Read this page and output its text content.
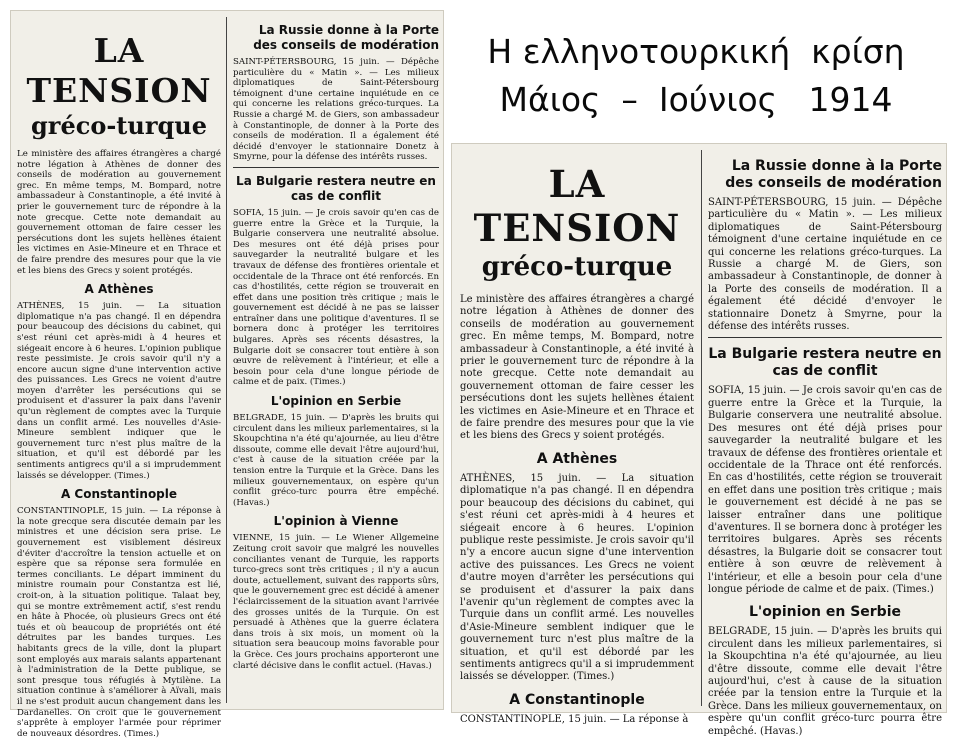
Η ελληνοτουρκική  κρίση
Μάιος  –  Ιούνιος   1914
LA TENSION
gréco-turque

Le ministère des affaires étrangères a chargé notre légation à Athènes de donner des conseils de modération au gouvernement grec. En même temps, M. Bompard, notre ambassadeur à Constantinople, a été invité à prier le gouvernement turc de répondre à la note grecque. Cette note demandait au gouvernement ottoman de faire cesser les persécutions dont les sujets hellènes étaient les victimes en Asie-Mineure et en Thrace et de faire prendre des mesures pour que la vie et les biens des Grecs y soient protégés.

A Athènes

ATHÈNES, 15 juin. — La situation diplomatique n'a pas changé. Il en dépendra pour beaucoup des décisions du cabinet, qui s'est réuni cet après-midi à 4 heures et siégeait encore à 6 heures. L'opinion publique reste pessimiste. Je crois savoir qu'il n'y a encore aucun signe d'une intervention active des puissances. Les Grecs ne voient d'autre moyen d'arrêter les persécutions qui se produisent et d'assurer la paix dans l'avenir qu'un règlement de comptes avec la Turquie dans un conflit armé. Les nouvelles d'Asie-Mineure semblent indiquer que le gouvernement turc n'est plus maître de la situation, et qu'il est débordé par les sentiments antigrecs qu'il a si imprudemment laissés se développer. (Times.)

A Constantinople

CONSTANTINOPLE, 15 juin. — La réponse à la note grecque sera discutée demain par les ministres et une décision sera prise. Le gouvernement est visiblement désireux d'éviter d'accroître la tension actuelle et on espère que sa réponse sera formulée en termes conciliants. Le départ imminent du ministre roumain pour Constantza est lié, croit-on, à la situation politique. Talaat bey, qui se montre extrêmement actif, s'est rendu en hâte à Phocée, où plusieurs Grecs ont été tués et où beaucoup de propriétés ont été détruites par les bandes turques. Les habitants grecs de la ville, dont la plupart sont employés aux marais salants appartenant à l'administration de la Dette publique, se sont presque tous réfugiés à Mytilène. La situation continue à s'améliorer à Aïvali, mais il ne s'est produit aucun changement dans les Dardanelles. On croit que le gouvernement s'apprête à employer l'armée pour réprimer de nouveaux désordres. (Times.)

La Russie donne à la Porte des conseils de modération

SAINT-PÉTERSBOURG, 15 juin. — Dépêche particulière du « Matin ». — Les milieux diplomatiques de Saint-Pétersbourg témoignent d'une certaine inquiétude en ce qui concerne les relations gréco-turques. La Russie a chargé M. de Giers, son ambassadeur à Constantinople, de donner à la Porte des conseils de modération. Il a également été décidé d'envoyer le stationnaire Donetz à Smyrne, pour la défense des intérêts russes.

La Bulgarie restera neutre en cas de conflit

SOFIA, 15 juin. — Je crois savoir qu'en cas de guerre entre la Grèce et la Turquie, la Bulgarie conservera une neutralité absolue. Des mesures ont été déjà prises pour sauvegarder la neutralité bulgare et les travaux de défense des frontières orientale et occidentale de la Thrace ont été renforcés. En cas d'hostilités, cette région se trouverait en effet dans une position très critique ; mais le gouvernement est décidé à ne pas se laisser entraîner dans une politique d'aventures. Il se bornera donc à protéger les territoires bulgares. Après ses récents désastres, la Bulgarie doit se consacrer tout entière à son œuvre de relèvement à l'intérieur, et elle a besoin pour cela d'une longue période de calme et de paix. (Times.)

L'opinion en Serbie

BELGRADE, 15 juin. — D'après les bruits qui circulent dans les milieux parlementaires, si la Skoupchtina n'a été qu'ajournée, au lieu d'être dissoute, comme elle devait l'être aujourd'hui, c'est à cause de la situation créée par la tension entre la Turquie et la Grèce. Dans les milieux gouvernementaux, on espère qu'un conflit gréco-turc pourra être empêché. (Havas.)

L'opinion à Vienne

VIENNE, 15 juin. — Le Wiener Allgemeine Zeitung croit savoir que malgré les nouvelles conciliantes venant de Turquie, les rapports turco-grecs sont très critiques ; il n'y a aucun doute, actuellement, suivant des rapports sûrs, que le gouvernement grec est décidé à amener l'éclaircissement de la situation avant l'arrivée des grosses unités de la Turquie. On est persuadé à Athènes que la guerre éclatera dans trois à six mois, un moment où la situation sera beaucoup moins favorable pour la Grèce. Ces jours prochains apporteront une clarté décisive dans le conflit actuel. (Havas.)

LA TENSION
gréco-turque

Le ministère des affaires étrangères a chargé notre légation à Athènes de donner des conseils de modération au gouvernement grec. En même temps, M. Bompard, notre ambassadeur à Constantinople, a été invité à prier le gouvernement turc de répondre à la note grecque. Cette note demandait au gouvernement ottoman de faire cesser les persécutions dont les sujets hellènes étaient les victimes en Asie-Mineure et en Thrace et de faire prendre des mesures pour que la vie et les biens des Grecs y soient protégés.

A Athènes

ATHÈNES, 15 juin. — La situation diplomatique n'a pas changé. Il en dépendra pour beaucoup des décisions du cabinet, qui s'est réuni cet après-midi à 4 heures et siégeait encore à 6 heures. L'opinion publique reste pessimiste. Je crois savoir qu'il n'y a encore aucun signe d'une intervention active des puissances. Les Grecs ne voient d'autre moyen d'arrêter les persécutions qui se produisent et d'assurer la paix dans l'avenir qu'un règlement de comptes avec la Turquie dans un conflit armé. Les nouvelles d'Asie-Mineure semblent indiquer que le gouvernement turc n'est plus maître de la situation, et qu'il est débordé par les sentiments antigrecs qu'il a si imprudemment laissés se développer. (Times.)

A Constantinople

CONSTANTINOPLE, 15 juin. — La réponse à

La Russie donne à la Porte des conseils de modération

SAINT-PÉTERSBOURG, 15 juin. — Dépêche particulière du « Matin ». — Les milieux diplomatiques de Saint-Pétersbourg témoignent d'une certaine inquiétude en ce qui concerne les relations gréco-turques. La Russie a chargé M. de Giers, son ambassadeur à Constantinople, de donner à la Porte des conseils de modération. Il a également été décidé d'envoyer le stationnaire Donetz à Smyrne, pour la défense des intérêts russes.

La Bulgarie restera neutre en cas de conflit

SOFIA, 15 juin. — Je crois savoir qu'en cas de guerre entre la Grèce et la Turquie, la Bulgarie conservera une neutralité absolue. Des mesures ont été déjà prises pour sauvegarder la neutralité bulgare et les travaux de défense des frontières orientale et occidentale de la Thrace ont été renforcés. En cas d'hostilités, cette région se trouverait en effet dans une position très critique ; mais le gouvernement est décidé à ne pas se laisser entraîner dans une politique d'aventures. Il se bornera donc à protéger les territoires bulgares. Après ses récents désastres, la Bulgarie doit se consacrer tout entière à son œuvre de relèvement à l'intérieur, et elle a besoin pour cela d'une longue période de calme et de paix. (Times.)

L'opinion en Serbie

BELGRADE, 15 juin. — D'après les bruits qui circulent dans les milieux parlementaires, si la Skoupchtina n'a été qu'ajournée, au lieu d'être dissoute, comme elle devait l'être aujourd'hui, c'est à cause de la situation créée par la tension entre la Turquie et la Grèce. Dans les milieux gouvernementaux, on espère qu'un conflit gréco-turc pourra être empêché. (Havas.)
